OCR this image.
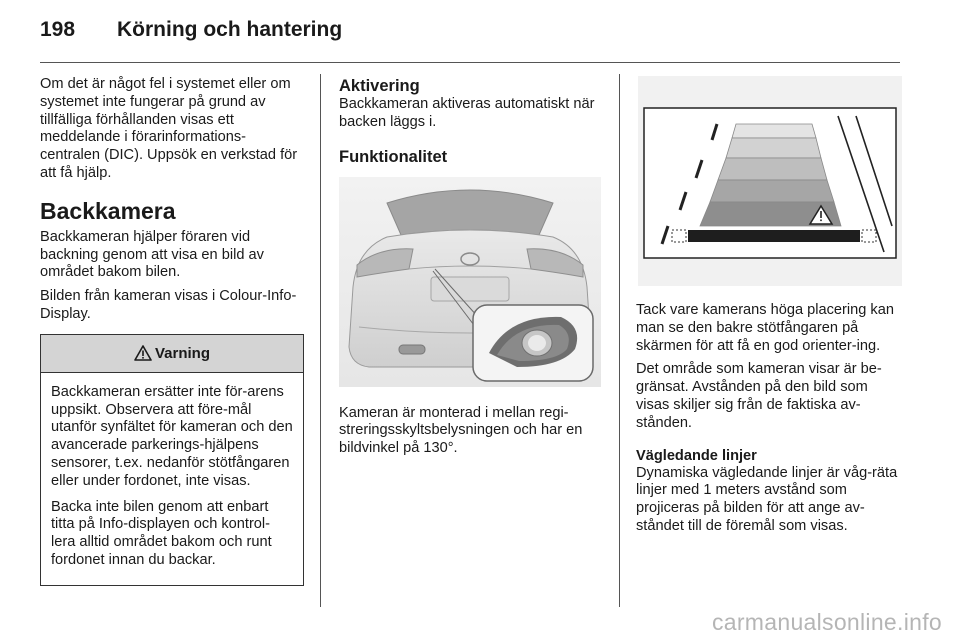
198 Körning och hantering

Om det är något fel i systemet eller om systemet inte fungerar på grund av tillfälliga förhållanden visas ett meddelande i förarinformations-centralen (DIC). Uppsök en verkstad för att få hjälp.

Backkamera

Backkameran hjälper föraren vid backning genom att visa en bild av området bakom bilen.

Bilden från kameran visas i Colour-Info-Display.

Varning

Backkameran ersätter inte för-arens uppsikt. Observera att före-mål utanför synfältet för kameran och den avancerade parkerings-hjälpens sensorer, t.ex. nedanför stötfångaren eller under fordonet, inte visas.

Backa inte bilen genom att enbart titta på Info-displayen och kontrol-lera alltid området bakom och runt fordonet innan du backar.

Aktivering

Backkameran aktiveras automatiskt när backen läggs i.

Funktionalitet

Kameran är monterad i mellan regi-streringsskyltsbelysningen och har en bildvinkel på 130°.

Tack vare kamerans höga placering kan man se den bakre stötfångaren på skärmen för att få en god orienter-ing.

Det område som kameran visar är be-gränsat. Avstånden på den bild som visas skiljer sig från de faktiska av-stånden.

Vägledande linjer

Dynamiska vägledande linjer är våg-räta linjer med 1 meters avstånd som projiceras på bilden för att ange av-ståndet till de föremål som visas.

carmanualsonline.info
